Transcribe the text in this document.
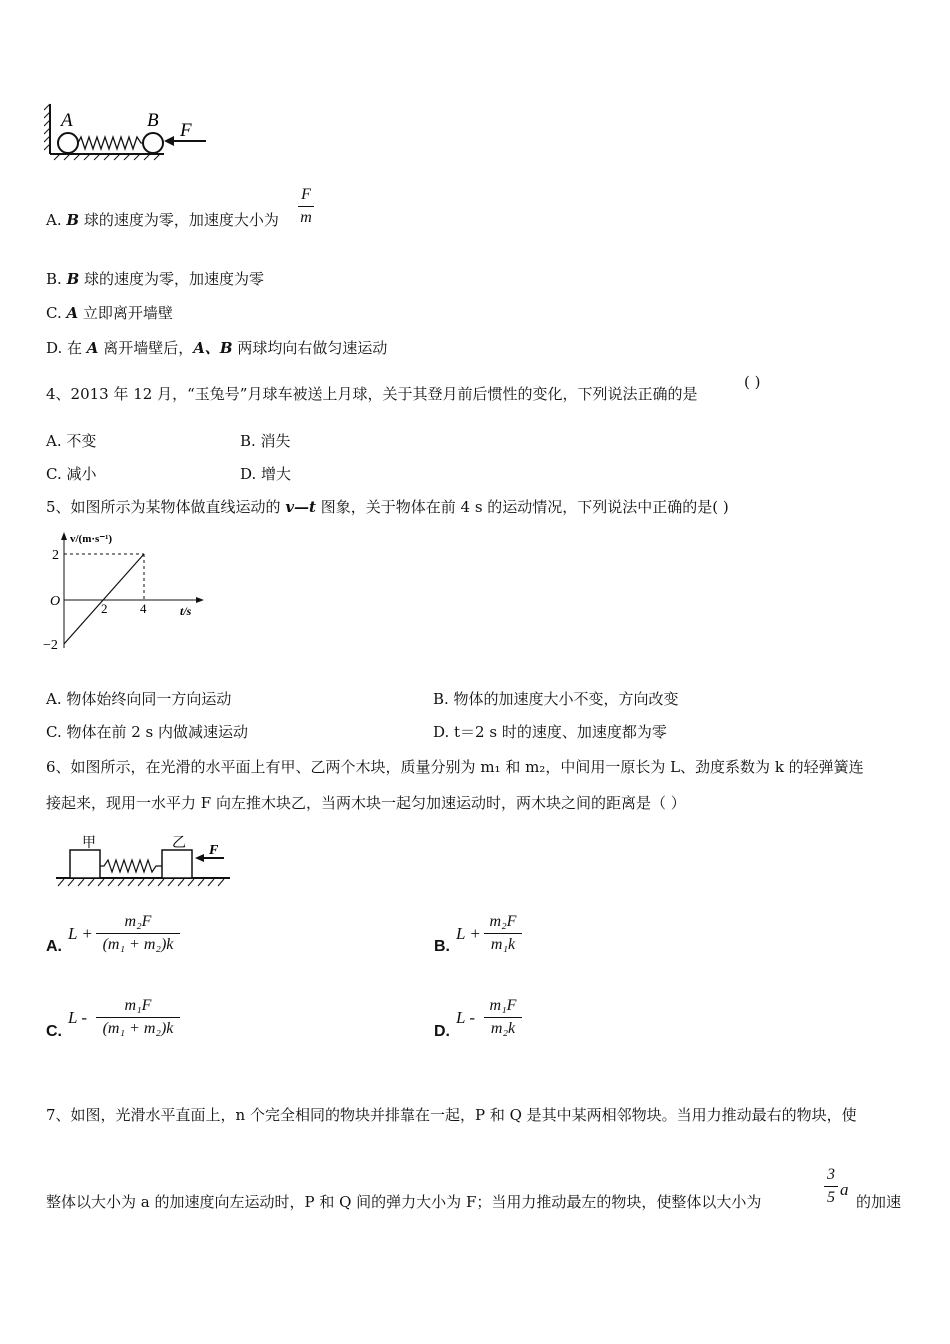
A	B F
A. B 球的速度为零，加速度大小为
F
m
B. B 球的速度为零，加速度为零
C. A 立即离开墙壁
D. 在 A 离开墙壁后，A、B 两球均向右做匀速运动
4、2013 年 12 月，“玉兔号”月球车被送上月球，关于其登月前后惯性的变化，下列说法正确的是
( )
A. 不变	B. 消失
C. 减小	D. 增大
5、如图所示为某物体做直线运动的 v—t 图象，关于物体在前 4 s 的运动情况，下列说法中正确的是( )
v/(m·s⁻¹)
t/s
O
2
−2
2	4
A. 物体始终向同一方向运动	B. 物体的加速度大小不变，方向改变
C. 物体在前 2 s 内做减速运动	D. t＝2 s 时的速度、加速度都为零
6、如图所示，在光滑的水平面上有甲、乙两个木块，质量分别为 m₁ 和 m₂，中间用一原长为 L、劲度系数为 k 的轻弹簧连
接起来，现用一水平力 F 向左推木块乙，当两木块一起匀加速运动时，两木块之间的距离是（ ）
甲	乙 F
A.
L +
m₂F
(m₁ + m₂)k	B.
L +
m₂F
m₁k
C.
L -
m₁F
(m₁ + m₂)k	D.
L -
m₁F
m₂k
7、如图，光滑水平直面上，n 个完全相同的物块并排靠在一起，P 和 Q 是其中某两相邻物块。当用力推动最右的物块，使
整体以大小为 a 的加速度向左运动时，P 和 Q 间的弹力大小为 F；当用力推动最左的物块，使整体以大小为
3
5 a
的加速
